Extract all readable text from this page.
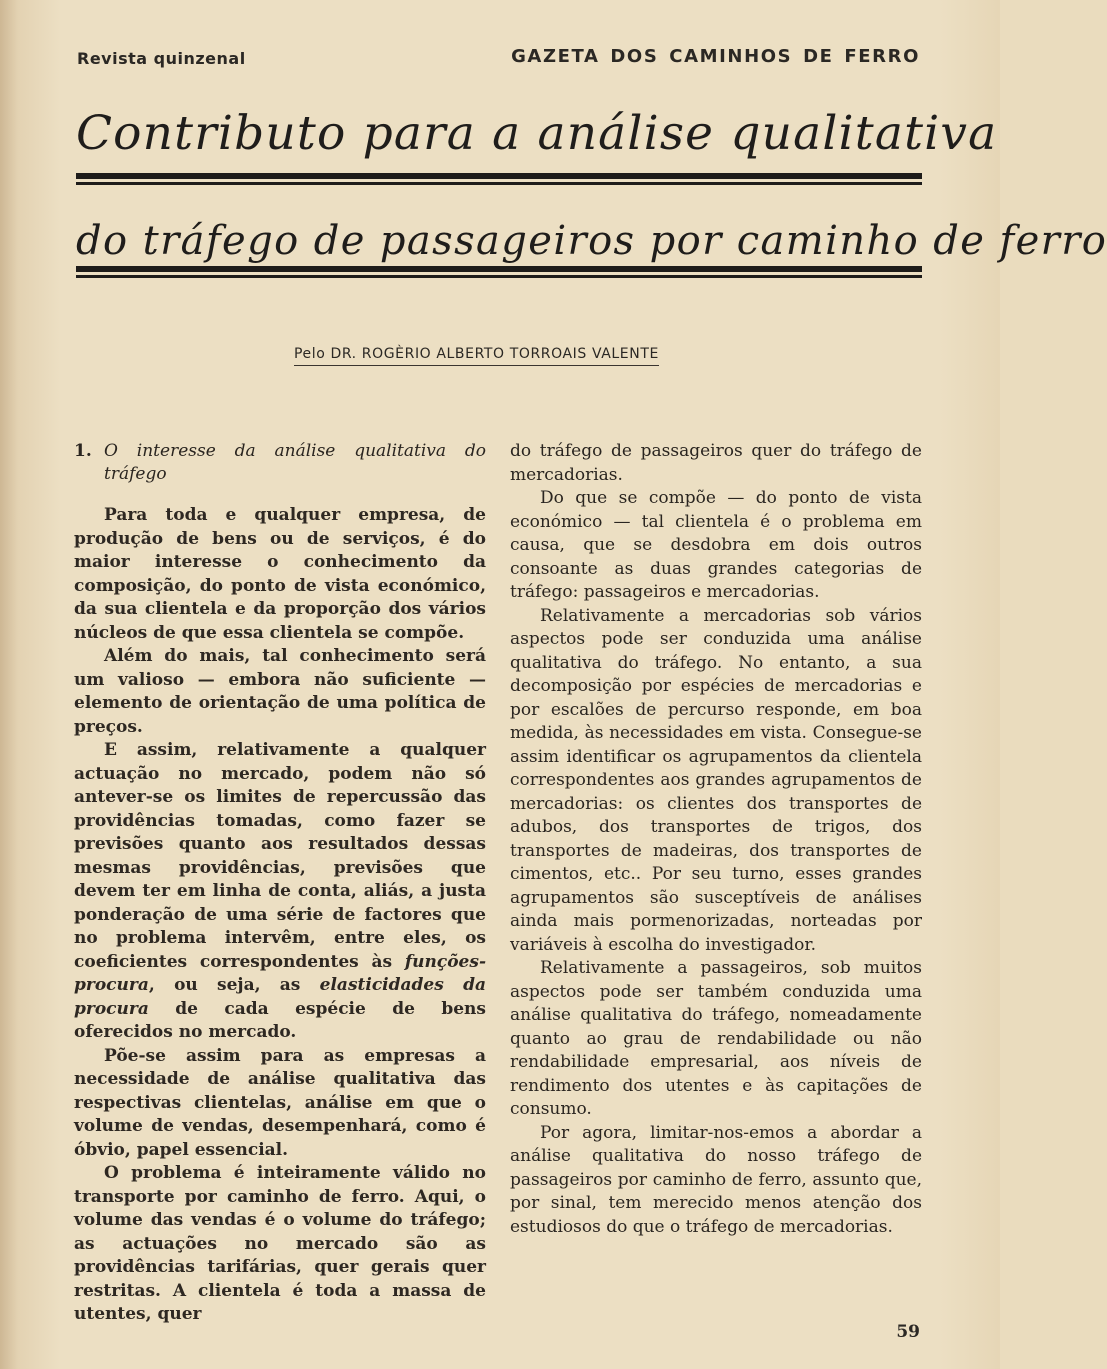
Revista quinzenal	GAZETA DOS CAMINHOS DE FERRO
Contributo para a análise qualitativa
do tráfego de passageiros por caminho de ferro
Pelo DR. ROGÈRIO ALBERTO TORROAIS VALENTE
1. O interesse da análise qualitativa do tráfego

Para toda e qualquer empresa, de produção de bens ou de serviços, é do maior interesse o conhecimento da composição, do ponto de vista económico, da sua clientela e da proporção dos vários núcleos de que essa clientela se compõe.

Além do mais, tal conhecimento será um valioso — embora não suficiente — elemento de orientação de uma política de preços.

E assim, relativamente a qualquer actuação no mercado, podem não só antever-se os limites de repercussão das providências tomadas, como fazer se previsões quanto aos resultados dessas mesmas providências, previsões que devem ter em linha de conta, aliás, a justa ponderação de uma série de factores que no problema intervêm, entre eles, os coeficientes correspondentes às funções-procura, ou seja, as elasticidades da procura de cada espécie de bens oferecidos no mercado.

Põe-se assim para as empresas a necessidade de análise qualitativa das respectivas clientelas, análise em que o volume de vendas, desempenhará, como é óbvio, papel essencial.

O problema é inteiramente válido no transporte por caminho de ferro. Aqui, o volume das vendas é o volume do tráfego; as actuações no mercado são as providências tarifárias, quer gerais quer restritas. A clientela é toda a massa de utentes, quer

do tráfego de passageiros quer do tráfego de mercadorias.

Do que se compõe — do ponto de vista económico — tal clientela é o problema em causa, que se desdobra em dois outros consoante as duas grandes categorias de tráfego: passageiros e mercadorias.

Relativamente a mercadorias sob vários aspectos pode ser conduzida uma análise qualitativa do tráfego. No entanto, a sua decomposição por espécies de mercadorias e por escalões de percurso responde, em boa medida, às necessidades em vista. Consegue-se assim identificar os agrupamentos da clientela correspondentes aos grandes agrupamentos de mercadorias: os clientes dos transportes de adubos, dos transportes de trigos, dos transportes de madeiras, dos transportes de cimentos, etc.. Por seu turno, esses grandes agrupamentos são susceptíveis de análises ainda mais pormenorizadas, norteadas por variáveis à escolha do investigador.

Relativamente a passageiros, sob muitos aspectos pode ser também conduzida uma análise qualitativa do tráfego, nomeadamente quanto ao grau de rendabilidade ou não rendabilidade empresarial, aos níveis de rendimento dos utentes e às capitações de consumo.

Por agora, limitar-nos-emos a abordar a análise qualitativa do nosso tráfego de passageiros por caminho de ferro, assunto que, por sinal, tem merecido menos atenção dos estudiosos do que o tráfego de mercadorias.

59
